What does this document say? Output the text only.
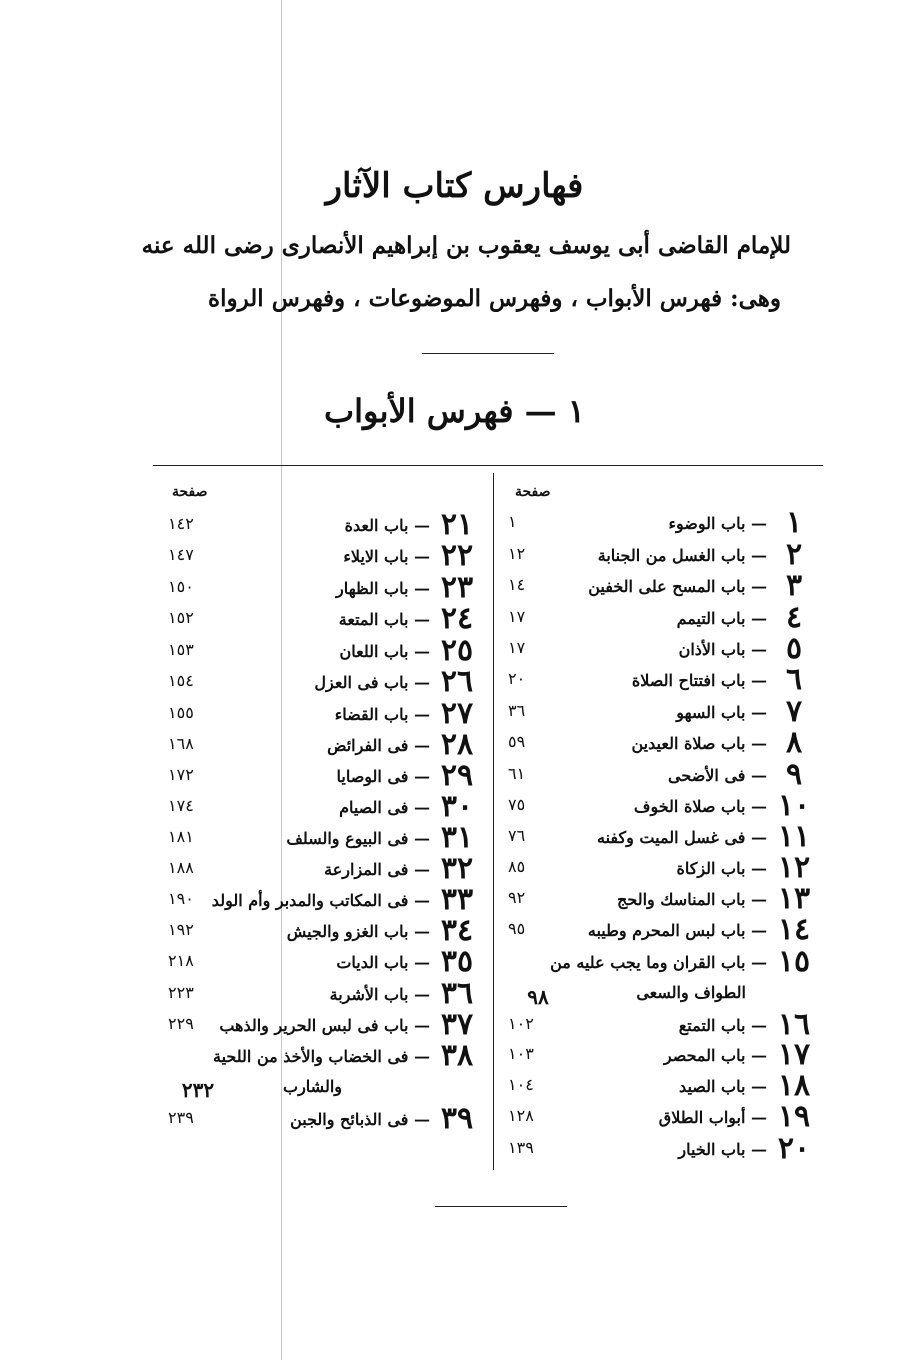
فهارس كتاب الآثار
للإمام القاضى أبى يوسف يعقوب بن إبراهيم الأنصارى رضى الله عنه
وهى: فهرس الأبواب ، وفهرس الموضوعات ، وفهرس الرواة
١ — فهرس الأبواب
صفحة
صفحة
١
— باب الوضوء
١
٢
— باب الغسل من الجنابة
١٢
٣
— باب المسح على الخفين
١٤
٤
— باب التيمم
١٧
٥
— باب الأذان
١٧
٦
— باب افتتاح الصلاة
٢٠
٧
— باب السهو
٣٦
٨
— باب صلاة العيدين
٥٩
٩
— فى الأضحى
٦١
١٠
— باب صلاة الخوف
٧٥
١١
— فى غسل الميت وكفنه
٧٦
١٢
— باب الزكاة
٨٥
١٣
— باب المناسك والحج
٩٢
١٤
— باب لبس المحرم وطيبه
٩٥
١٥
— باب القران وما يجب عليه من
١٦
— باب التمتع
١٠٢
١٧
— باب المحصر
١٠٣
١٨
— باب الصيد
١٠٤
١٩
— أبواب الطلاق
١٢٨
٢٠
— باب الخيار
١٣٩
٢١
— باب العدة
١٤٢
٢٢
— باب الايلاء
١٤٧
٢٣
— باب الظهار
١٥٠
٢٤
— باب المتعة
١٥٢
٢٥
— باب اللعان
١٥٣
٢٦
— باب فى العزل
١٥٤
٢٧
— باب القضاء
١٥٥
٢٨
— فى الفرائض
١٦٨
٢٩
— فى الوصايا
١٧٢
٣٠
— فى الصيام
١٧٤
٣١
— فى البيوع والسلف
١٨١
٣٢
— فى المزارعة
١٨٨
٣٣
— فى المكاتب والمدبر وأم الولد
١٩٠
٣٤
— باب الغزو والجيش
١٩٢
٣٥
— باب الديات
٢١٨
٣٦
— باب الأشربة
٢٢٣
٣٧
— باب فى لبس الحرير والذهب
٢٢٩
٣٨
— فى الخضاب والأخذ من اللحية
٣٩
— فى الذبائح والجبن
٢٣٩
الطواف والسعى
٩٨
والشارب
٢٣٢
